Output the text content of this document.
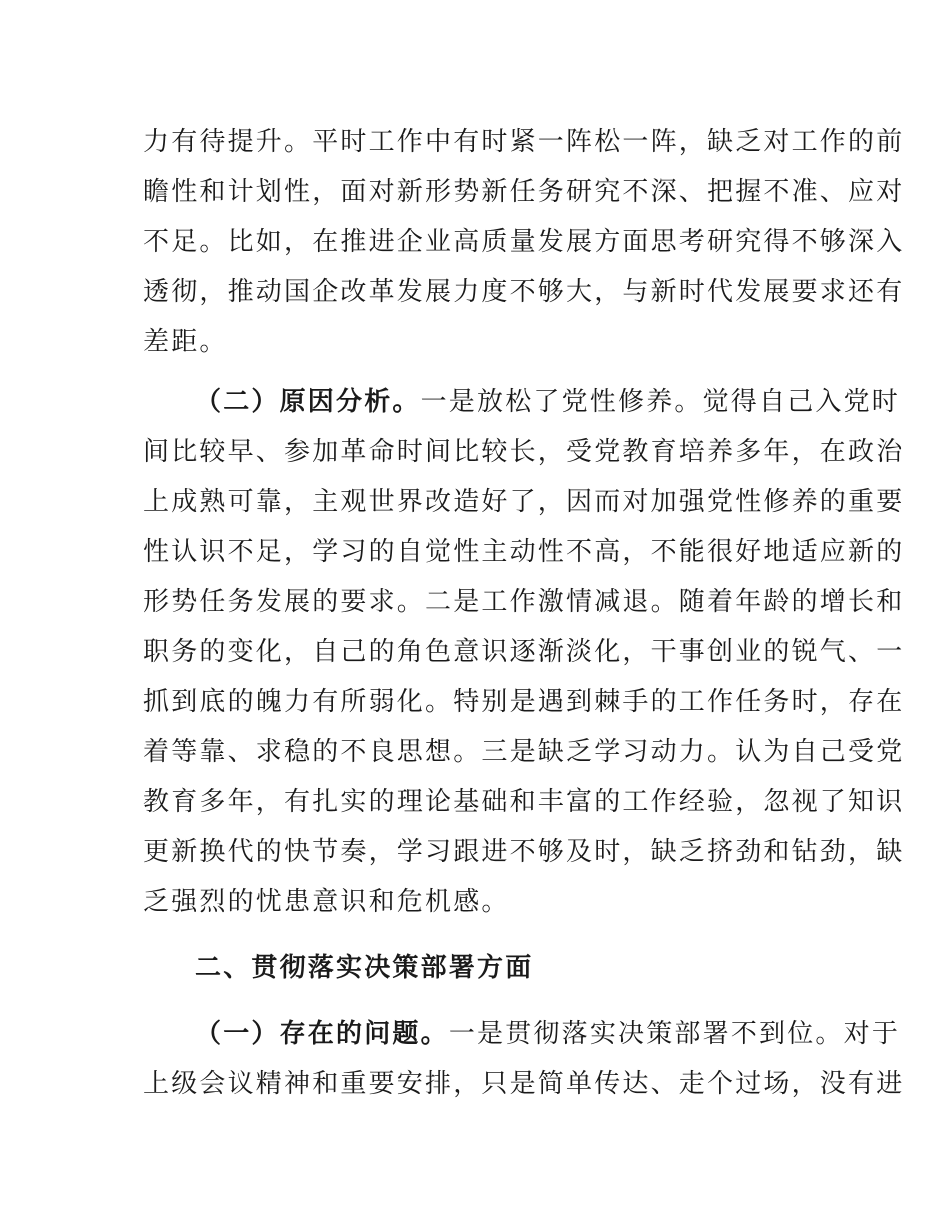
力有待提升。平时工作中有时紧一阵松一阵，缺乏对工作的前
瞻性和计划性，面对新形势新任务研究不深、把握不准、应对
不足。比如，在推进企业高质量发展方面思考研究得不够深入
透彻，推动国企改革发展力度不够大，与新时代发展要求还有
差距。
（二）原因分析。一是放松了党性修养。觉得自己入党时
间比较早、参加革命时间比较长，受党教育培养多年，在政治
上成熟可靠，主观世界改造好了，因而对加强党性修养的重要
性认识不足，学习的自觉性主动性不高，不能很好地适应新的
形势任务发展的要求。二是工作激情减退。随着年龄的增长和
职务的变化，自己的角色意识逐渐淡化，干事创业的锐气、一
抓到底的魄力有所弱化。特别是遇到棘手的工作任务时，存在
着等靠、求稳的不良思想。三是缺乏学习动力。认为自己受党
教育多年，有扎实的理论基础和丰富的工作经验，忽视了知识
更新换代的快节奏，学习跟进不够及时，缺乏挤劲和钻劲，缺
乏强烈的忧患意识和危机感。
二、贯彻落实决策部署方面
（一）存在的问题。一是贯彻落实决策部署不到位。对于
上级会议精神和重要安排，只是简单传达、走个过场，没有进
